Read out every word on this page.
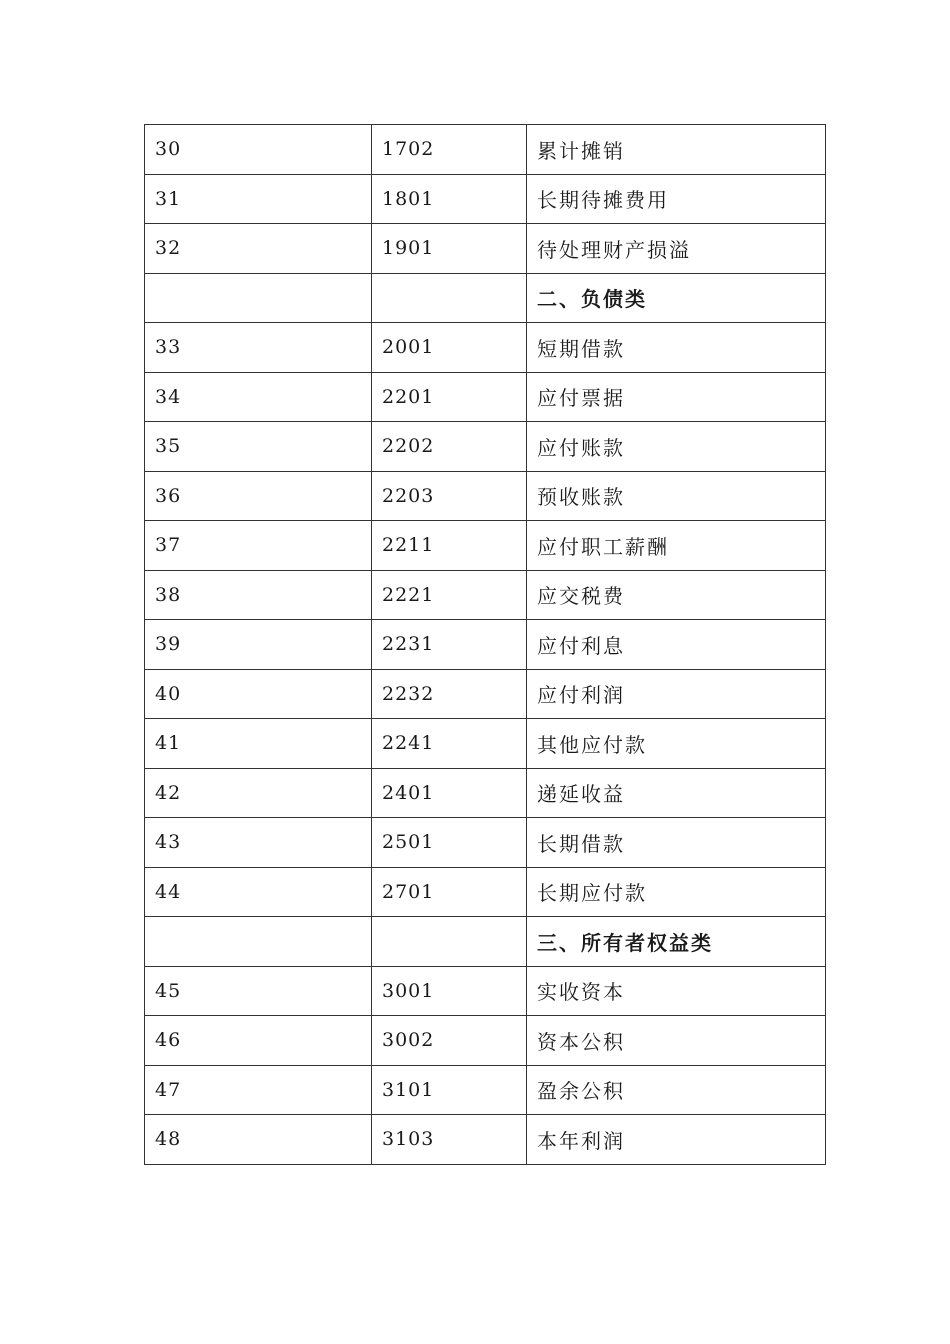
30	1702	累计摊销
31	1801	长期待摊费用
32	1901	待处理财产损溢
		二、负债类
33	2001	短期借款
34	2201	应付票据
35	2202	应付账款
36	2203	预收账款
37	2211	应付职工薪酬
38	2221	应交税费
39	2231	应付利息
40	2232	应付利润
41	2241	其他应付款
42	2401	递延收益
43	2501	长期借款
44	2701	长期应付款
		三、所有者权益类
45	3001	实收资本
46	3002	资本公积
47	3101	盈余公积
48	3103	本年利润
